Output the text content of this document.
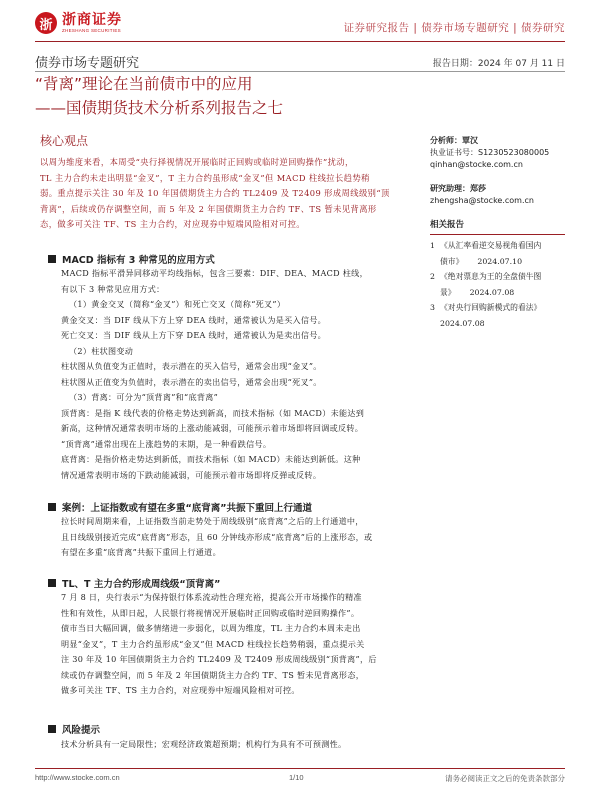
浙 浙商证券
ZHESHANG SECURITIES	证券研究报告 | 债券市场专题研究 | 债券研究
债券市场专题研究	报告日期：2024 年 07 月 11 日
“背离”理论在当前债市中的应用
——国债期货技术分析系列报告之七
核心观点

以周为维度来看，本周受“央行择视情况开展临时正回购或临时逆回购操作”扰动，

TL 主力合约未走出明显“金叉”，T 主力合约虽形成“金叉”但 MACD 柱线拉长趋势稍

弱。重点提示关注 30 年及 10 年国债期货主力合约 TL2409 及 T2409 形成周线级别“顶

背离”，后续或仍存调整空间，而 5 年及 2 年国债期货主力合约 TF、TS 暂未见背离形

态，做多可关注 TF、TS 主力合约，对应现券中短端风险相对可控。

分析师：覃汉
执业证书号：S1230523080005
qinhan@stocke.com.cn
研究助理：郑莎
zhengsha@stocke.com.cn
相关报告
1 《从汇率看逆交易视角看国内
债市》	2024.07.10
2 《绝对票息为王的全盘债牛图
景》	2024.07.08
3 《对央行回购新模式的看法》
2024.07.08
MACD 指标有 3 种常见的应用方式

MACD 指标平滑异同移动平均线指标，包含三要素：DIF、DEA、MACD 柱线，

有以下 3 种常见应用方式：

（1）黄金交叉（简称“金叉”）和死亡交叉（简称“死叉”）

黄金交叉：当 DIF 线从下方上穿 DEA 线时，通常被认为是买入信号。

死亡交叉：当 DIF 线从上方下穿 DEA 线时，通常被认为是卖出信号。

（2）柱状图变动

柱状图从负值变为正值时，表示潜在的买入信号，通常会出现“金叉”。

柱状图从正值变为负值时，表示潜在的卖出信号，通常会出现“死叉”。

（3）背离：可分为“顶背离”和“底背离”

顶背离：是指 K 线代表的价格走势达到新高，而技术指标（如 MACD）未能达到

新高，这种情况通常表明市场的上涨动能减弱，可能预示着市场即将回调或反转。

“顶背离”通常出现在上涨趋势的末期，是一种看跌信号。

底背离：是指价格走势达到新低，而技术指标（如 MACD）未能达到新低。这种

情况通常表明市场的下跌动能减弱，可能预示着市场即将反弹或反转。

案例：上证指数或有望在多重“底背离”共振下重回上行通道

拉长时间周期来看，上证指数当前走势处于周线级别“底背离”之后的上行通道中，

且日线级别接近完成“底背离”形态，且 60 分钟线亦形成“底背离”后的上涨形态，或

有望在多重“底背离”共振下重回上行通道。

TL、T 主力合约形成周线级“顶背离”

7 月 8 日，央行表示“为保持银行体系流动性合理充裕，提高公开市场操作的精准

性和有效性，从即日起，人民银行将视情况开展临时正回购或临时逆回购操作”。

债市当日大幅回调，做多情绪进一步弱化，以周为维度，TL 主力合约本周未走出

明显“金叉”，T 主力合约虽形成“金叉”但 MACD 柱线拉长趋势稍弱，重点提示关

注 30 年及 10 年国债期货主力合约 TL2409 及 T2409 形成周线级别“顶背离”，后

续或仍存调整空间，而 5 年及 2 年国债期货主力合约 TF、TS 暂未见背离形态，

做多可关注 TF、TS 主力合约，对应现券中短端风险相对可控。

风险提示

技术分析具有一定局限性；宏观经济政策超预期；机构行为具有不可预测性。

http://www.stocke.com.cn	1/10	请务必阅读正文之后的免责条款部分
